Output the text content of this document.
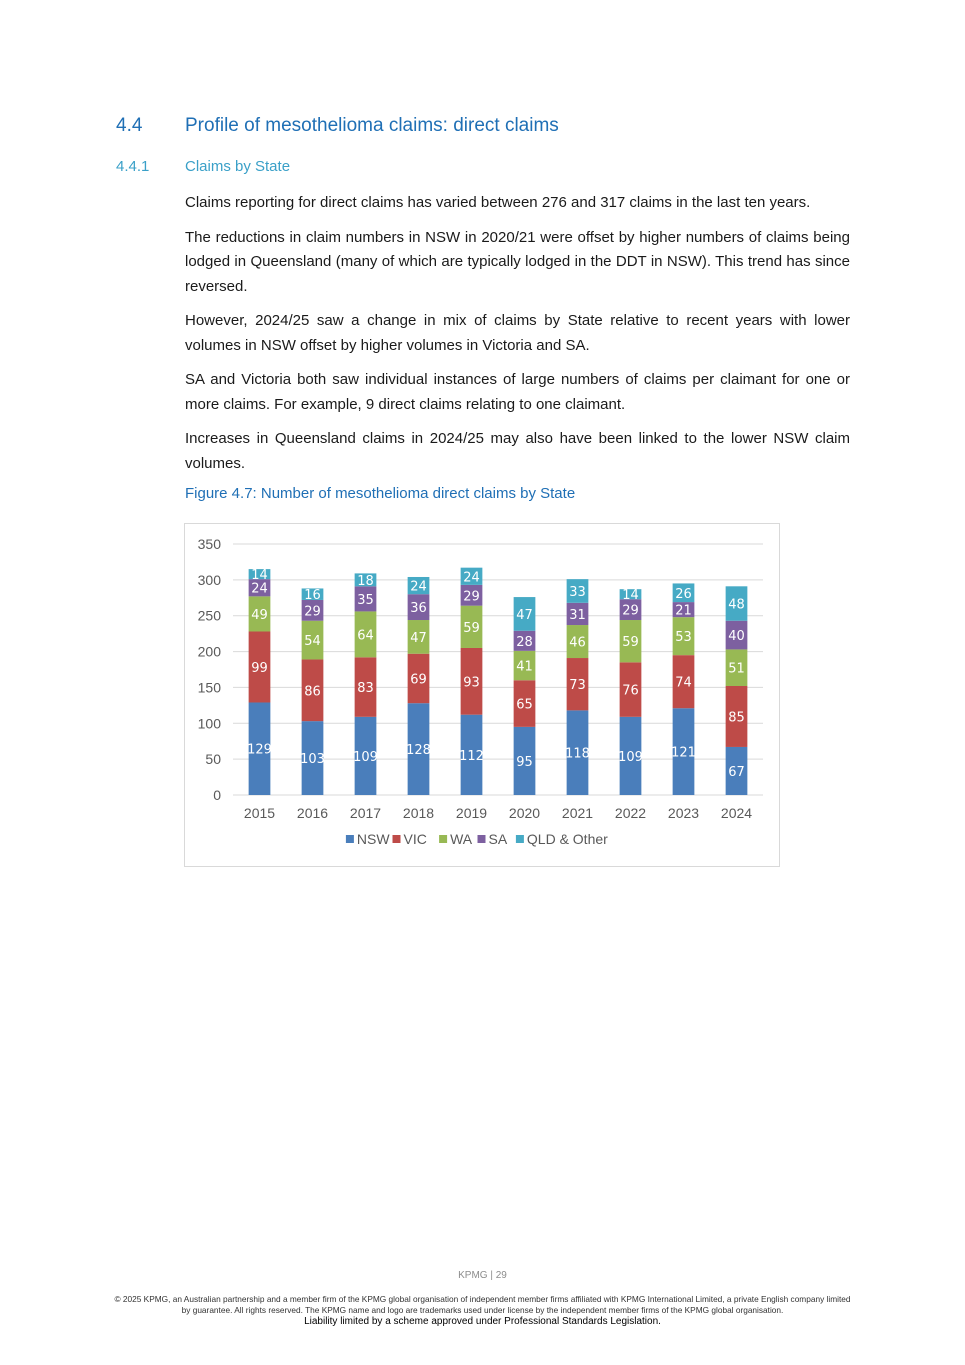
4.4	Profile of mesothelioma claims: direct claims
4.4.1 Claims by State

Claims reporting for direct claims has varied between 276 and 317 claims in the last ten years.

The reductions in claim numbers in NSW in 2020/21 were offset by higher numbers of claims being lodged in Queensland (many of which are typically lodged in the DDT in NSW). This trend has since reversed.

However, 2024/25 saw a change in mix of claims by State relative to recent years with lower volumes in NSW offset by higher volumes in Victoria and SA.

SA and Victoria both saw individual instances of large numbers of claims per claimant for one or more claims. For example, 9 direct claims relating to one claimant.

Increases in Queensland claims in 2024/25 may also have been linked to the lower NSW claim volumes.

Figure 4.7: Number of mesothelioma direct claims by State
0
50
100
150
200
250
300
350
129
99
49
24
14
2015
103
86
54
29
16
2016
109
83
64
35
18
2017
128
69
47
36
24
2018
112
93
59
29
24
2019
95
65
41
28
47
2020
118
73
46
31
33
2021
109
76
59
29
14
2022
121
74
53
21
26
2023
67
85
51
40
48
2024
NSW VIC WA SA QLD & Other
KPMG | 29
© 2025 KPMG, an Australian partnership and a member firm of the KPMG global organisation of independent member firms affiliated with KPMG International Limited, a private English company limited by guarantee. All rights reserved. The KPMG name and logo are trademarks used under license by the independent member firms of the KPMG global organisation.
Liability limited by a scheme approved under Professional Standards Legislation.
